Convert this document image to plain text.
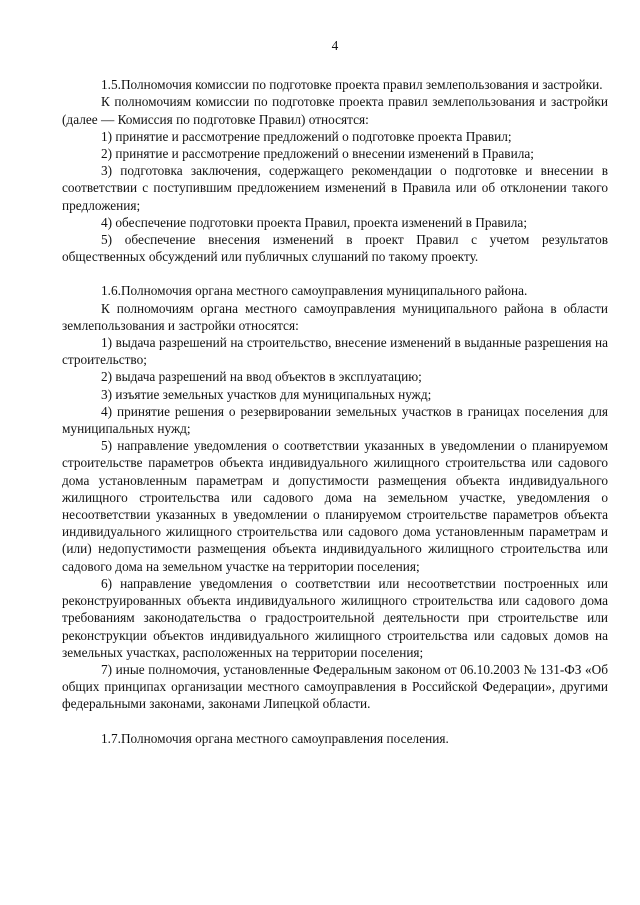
4

1.5.Полномочия комиссии по подготовке проекта правил землепользования и застройки.

К полномочиям комиссии по подготовке проекта правил землепользования и застройки (далее — Комиссия по подготовке Правил) относятся:

1) принятие и рассмотрение предложений о подготовке проекта Правил;

2) принятие и рассмотрение предложений о внесении изменений в Правила;

3) подготовка заключения, содержащего рекомендации о подготовке и внесении в соответствии с поступившим предложением изменений в Правила или об отклонении такого предложения;

4) обеспечение подготовки проекта Правил, проекта изменений в Правила;

5) обеспечение внесения изменений в проект Правил с учетом результатов общественных обсуждений или публичных слушаний по такому проекту.

1.6.Полномочия органа местного самоуправления муниципального района.

К полномочиям органа местного самоуправления муниципального района в области землепользования и застройки относятся:

1) выдача разрешений на строительство, внесение изменений в выданные разрешения на строительство;

2) выдача разрешений на ввод объектов в эксплуатацию;

3) изъятие земельных участков для муниципальных нужд;

4) принятие решения о резервировании земельных участков в границах поселения для муниципальных нужд;

5) направление уведомления о соответствии указанных в уведомлении о планируемом строительстве параметров объекта индивидуального жилищного строительства или садового дома установленным параметрам и допустимости размещения объекта индивидуального жилищного строительства или садового дома на земельном участке, уведомления о несоответствии указанных в уведомлении о планируемом строительстве параметров объекта индивидуального жилищного строительства или садового дома установленным параметрам и (или) недопустимости размещения объекта индивидуального жилищного строительства или садового дома на земельном участке на территории поселения;

6) направление уведомления о соответствии или несоответствии построенных или реконструированных объекта индивидуального жилищного строительства или садового дома требованиям законодательства о градостроительной деятельности при строительстве или реконструкции объектов индивидуального жилищного строительства или садовых домов на земельных участках, расположенных на территории поселения;

7) иные полномочия, установленные Федеральным законом от 06.10.2003 № 131-ФЗ «Об общих принципах организации местного самоуправления в Российской Федерации», другими федеральными законами, законами Липецкой области.

1.7.Полномочия органа местного самоуправления поселения.
